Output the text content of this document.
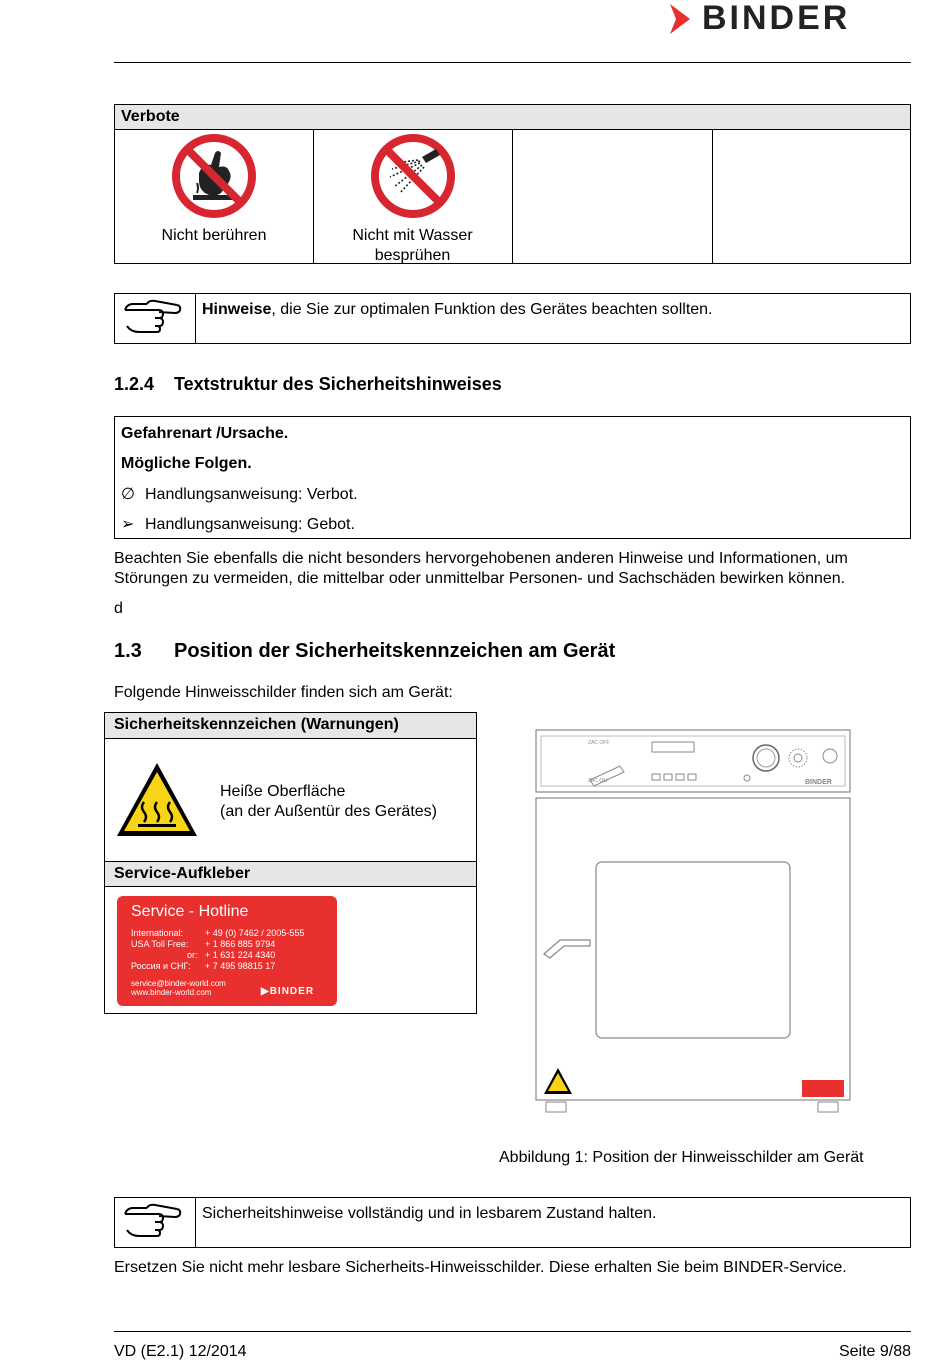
BINDER
Verbote
Nicht berühren	Nicht mit Wasser
besprühen
Hinweise, die Sie zur optimalen Funktion des Gerätes beachten sollten.
1.2.4 Textstruktur des Sicherheitshinweises
Gefahrenart /Ursache.
Mögliche Folgen.
∅ Handlungsanweisung: Verbot.
➢ Handlungsanweisung: Gebot.
Beachten Sie ebenfalls die nicht besonders hervorgehobenen anderen Hinweise und Informationen, um
Störungen zu vermeiden, die mittelbar oder unmittelbar Personen- und Sachschäden bewirken können.
d
1.3 Position der Sicherheitskennzeichen am Gerät
Folgende Hinweisschilder finden sich am Gerät:
Sicherheitskennzeichen (Warnungen)
Heiße Oberfläche
(an der Außentür des Gerätes)
Service-Aufkleber
Service - Hotline
International: + 49 (0) 7462 / 2005-555
USA Toll Free: + 1 866 885 9794
or: + 1 631 224 4340
Россия и СНГ: + 7 495 98815 17
service@binder-world.com
www.binder-world.com	▶BINDER
ZAC OFF
ZAC ON	BINDER
Abbildung 1: Position der Hinweisschilder am Gerät
Sicherheitshinweise vollständig und in lesbarem Zustand halten.
Ersetzen Sie nicht mehr lesbare Sicherheits-Hinweisschilder. Diese erhalten Sie beim BINDER-Service.
VD (E2.1) 12/2014	Seite 9/88
